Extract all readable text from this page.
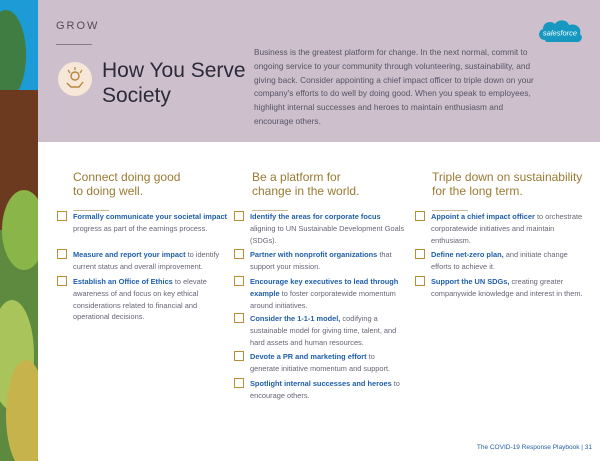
GROW
salesforce
How You Serve
Society
Business is the greatest platform for change. In the next normal, commit to ongoing service to your community through volunteering, sustainability, and giving back. Consider appointing a chief impact officer to triple down on your company's efforts to do well by doing good. When you speak to employees, highlight internal successes and heroes to maintain enthusiasm and encourage others.
Connect doing good
to doing well.
Be a platform for
change in the world.
Triple down on sustainability
for the long term.
Formally communicate your societal impact progress as part of the earnings process.
Measure and report your impact to identify current status and overall improvement.
Establish an Office of Ethics to elevate awareness of and focus on key ethical considerations related to financial and operational decisions.
Identify the areas for corporate focus aligning to UN Sustainable Development Goals (SDGs).
Partner with nonprofit organizations that support your mission.
Encourage key executives to lead through example to foster corporatewide momentum around initiatives.
Consider the 1-1-1 model, codifying a sustainable model for giving time, talent, and hard assets and human resources.
Devote a PR and marketing effort to generate initiative momentum and support.
Spotlight internal successes and heroes to encourage others.
Appoint a chief impact officer to orchestrate corporatewide initiatives and maintain enthusiasm.
Define net-zero plan, and initiate change efforts to achieve it.
Support the UN SDGs, creating greater companywide knowledge and interest in them.
The COVID-19 Response Playbook | 31
